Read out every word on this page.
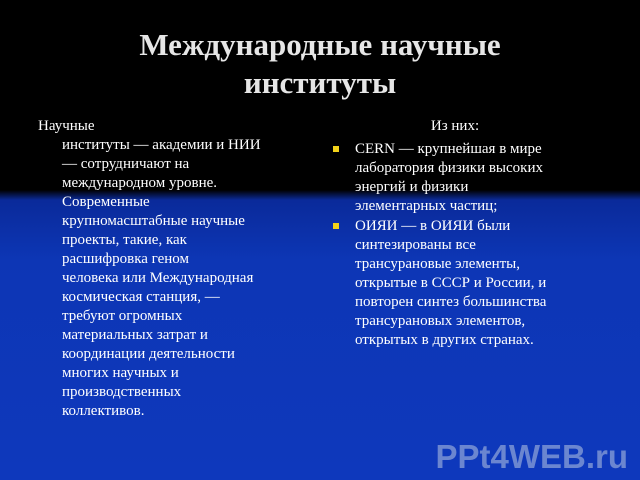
Международные научные
институты
Научные
институты — академии и НИИ
— сотрудничают на
международном уровне.
Современные
крупномасштабные научные
проекты, такие, как
расшифровка геном
человека или Международная
космическая станция, —
требуют огромных
материальных затрат и
координации деятельности
многих научных и
производственных
коллективов.
Из них:
CERN — крупнейшая в мире
лаборатория физики высоких
энергий и физики
элементарных частиц;
ОИЯИ — в ОИЯИ были
синтезированы все
трансурановые элементы,
открытые в СССР и России, и
повторен синтез большинства
трансурановых элементов,
открытых в других странах.
PPt4WEB.ru
